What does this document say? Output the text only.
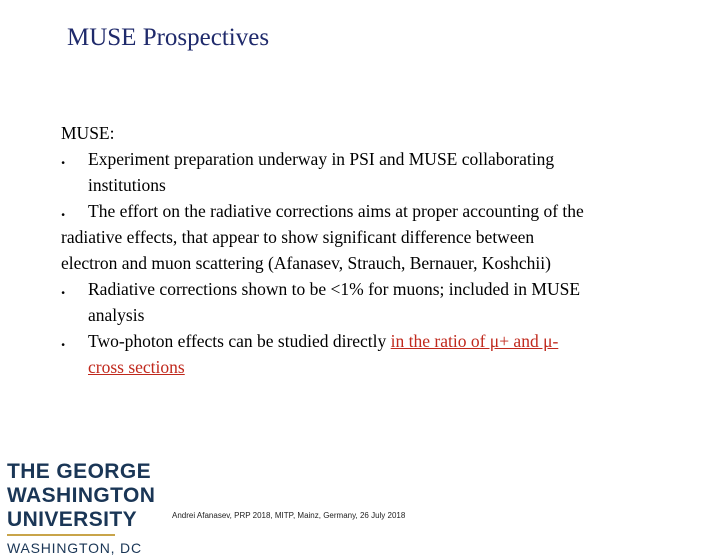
MUSE Prospectives
MUSE:
. Experiment preparation underway in PSI and MUSE collaborating
institutions
. The effort on the radiative corrections aims at proper accounting of the
radiative effects, that appear to show significant difference between
electron and muon scattering (Afanasev, Strauch, Bernauer, Koshchii)
. Radiative corrections shown to be <1% for muons; included in MUSE
analysis
. Two-photon effects can be studied directly in the ratio of μ+ and μ-
cross sections
THE GEORGE
WASHINGTON
UNIVERSITY
WASHINGTON, DC
Andrei Afanasev, PRP 2018, MITP, Mainz, Germany, 26 July 2018
